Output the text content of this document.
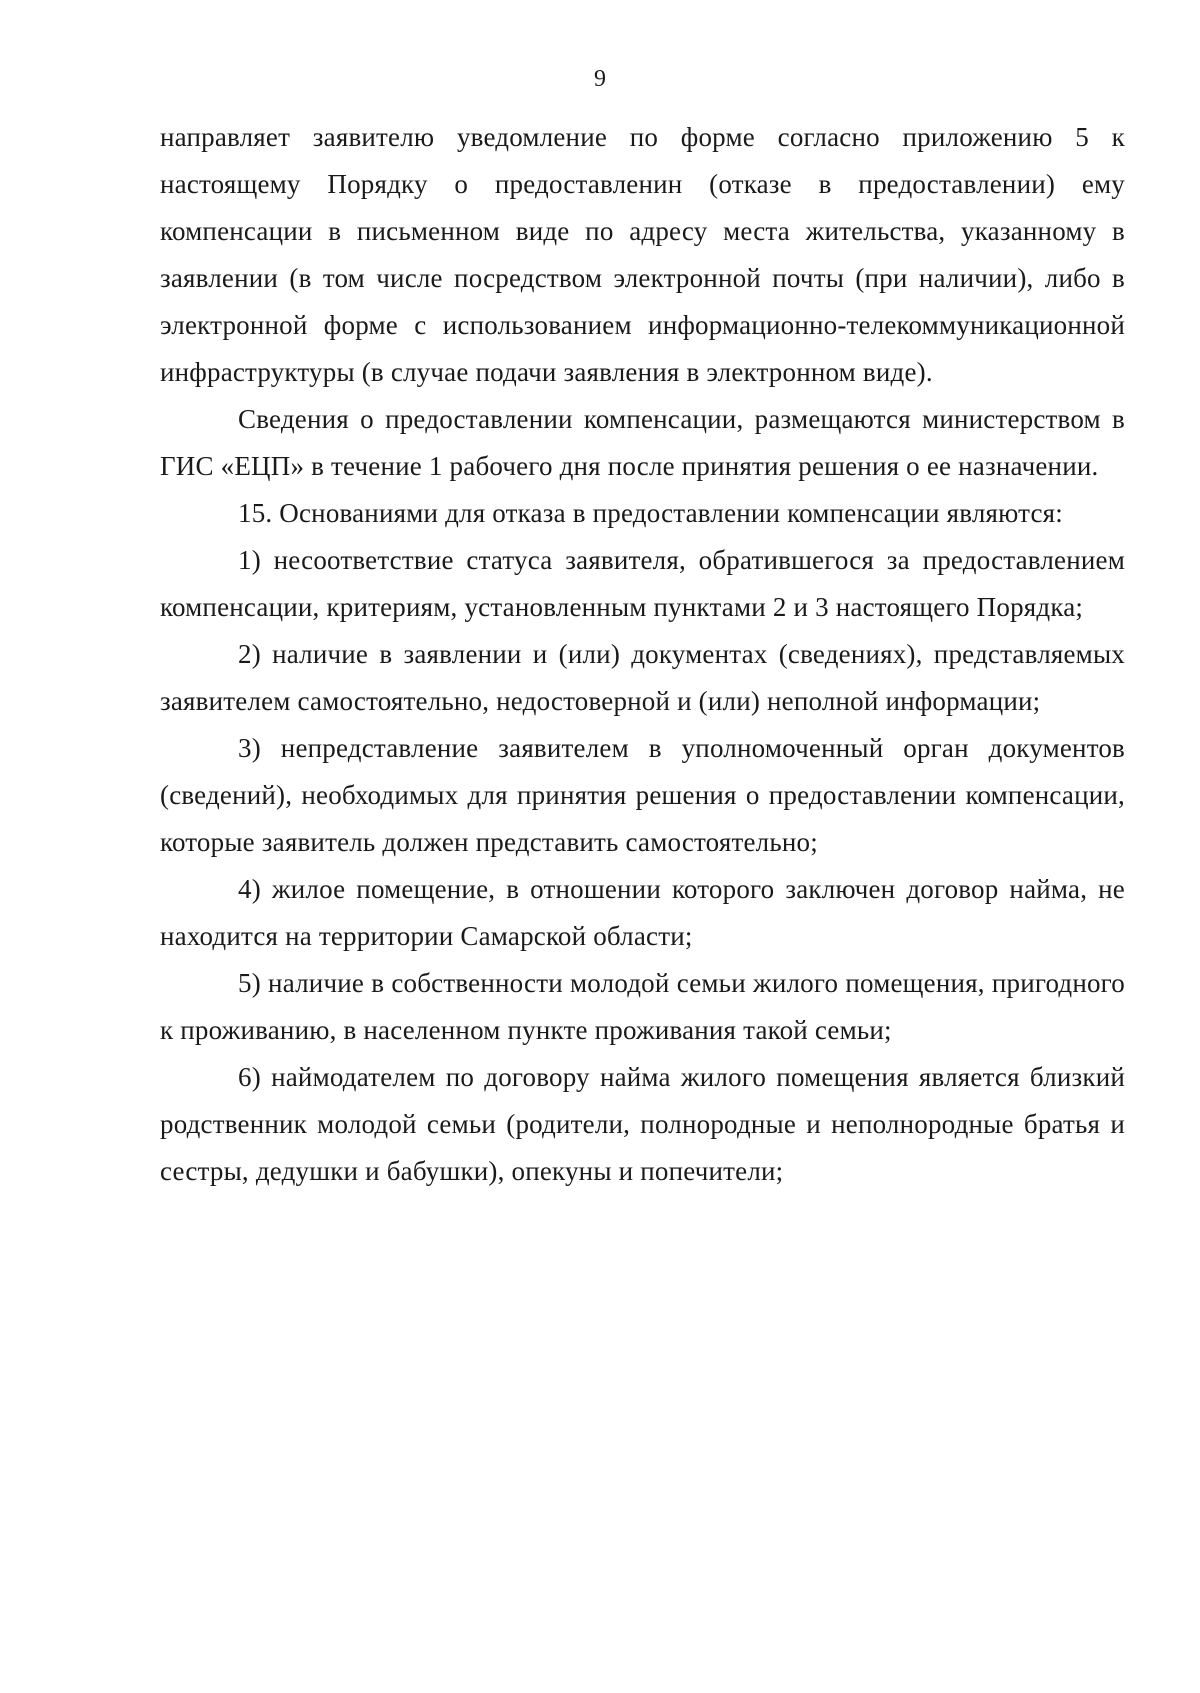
9

направляет заявителю уведомление по форме согласно приложению 5 к настоящему Порядку о предоставленин (отказе в предоставлении) ему компенсации в письменном виде по адресу места жительства, указанному в заявлении (в том числе посредством электронной почты (при наличии), либо в электронной форме с использованием информационно-телекоммуникационной инфраструктуры (в случае подачи заявления в электронном виде).

Сведения о предоставлении компенсации, размещаются министерством в ГИС «ЕЦП» в течение 1 рабочего дня после принятия решения о ее назначении.

15. Основаниями для отказа в предоставлении компенсации являются:

1) несоответствие статуса заявителя, обратившегося за предоставлением компенсации, критериям, установленным пунктами 2 и 3 настоящего Порядка;

2) наличие в заявлении и (или) документах (сведениях), представляемых заявителем самостоятельно, недостоверной и (или) неполной информации;

3) непредставление заявителем в уполномоченный орган документов (сведений), необходимых для принятия решения о предоставлении компенсации, которые заявитель должен представить самостоятельно;

4) жилое помещение, в отношении которого заключен договор найма, не находится на территории Самарской области;

5) наличие в собственности молодой семьи жилого помещения, пригодного к проживанию, в населенном пункте проживания такой семьи;

6) наймодателем по договору найма жилого помещения является близкий родственник молодой семьи (родители, полнородные и неполнородные братья и сестры, дедушки и бабушки), опекуны и попечители;
